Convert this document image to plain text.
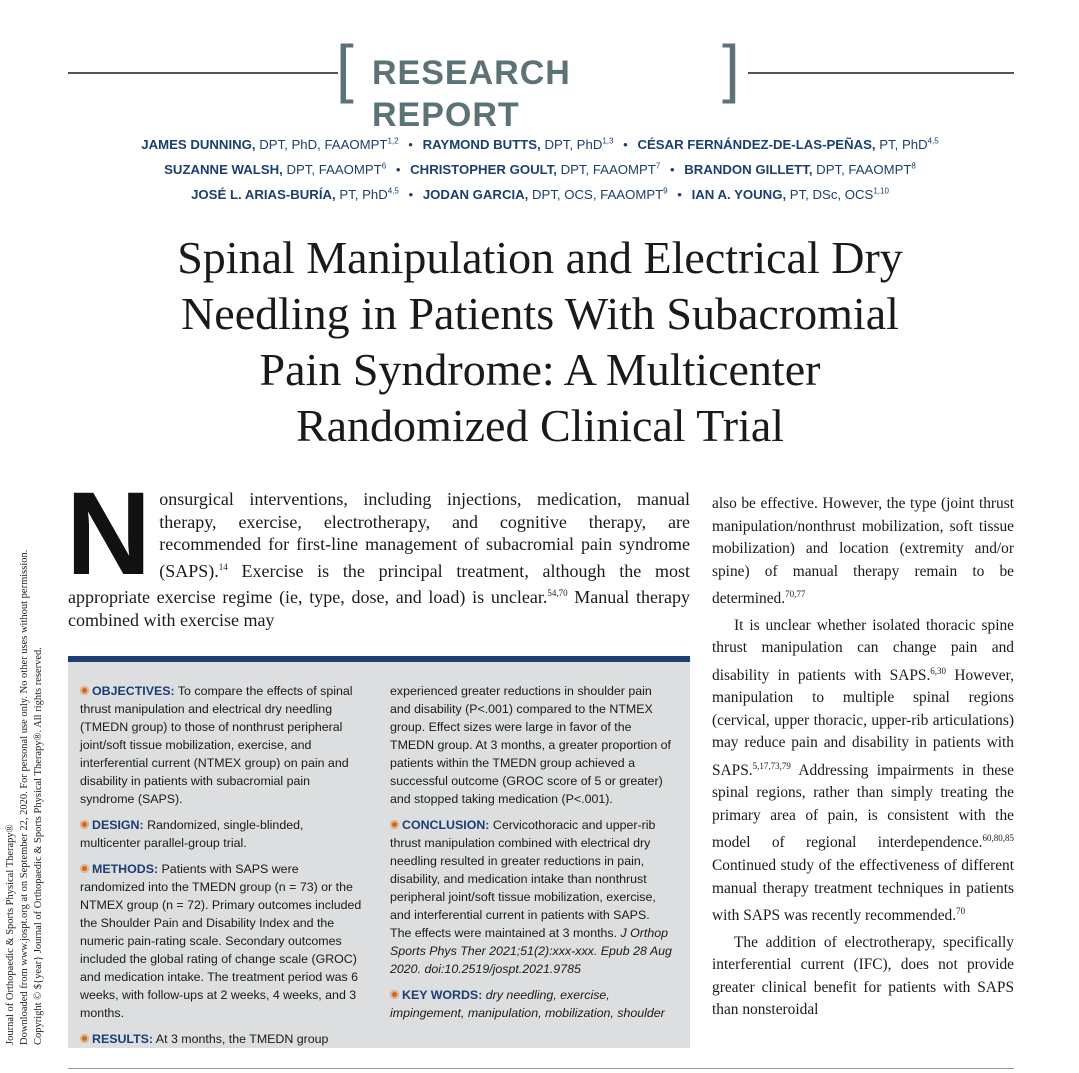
Journal of Orthopaedic & Sports Physical Therapy® Downloaded from www.jospt.org at on September 22, 2020. For personal use only. No other uses without permission. Copyright © ${year} Journal of Orthopaedic & Sports Physical Therapy®. All rights reserved.
[ RESEARCH REPORT
]
JAMES DUNNING, DPT, PhD, FAAOMPT$^{1,2}$ • RAYMOND BUTTS, DPT, PhD$^{1,3}$ • CÉSAR FERNÁNDEZ-DE-LAS-PEÑAS, PT, PhD$^{4,5}$
SUZANNE WALSH, DPT, FAAOMPT$^6$ • CHRISTOPHER GOULT, DPT, FAAOMPT$^7$ • BRANDON GILLETT, DPT, FAAOMPT$^8$
JOSÉ L. ARIAS-BURÍA, PT, PhD$^{4,5}$ • JODAN GARCIA, DPT, OCS, FAAOMPT$^9$ • IAN A. YOUNG, PT, DSc, OCS$^{1,10}$
Spinal Manipulation and Electrical Dry
Needling in Patients With Subacromial
Pain Syndrome: A Multicenter
Randomized Clinical Trial
N onsurgical interventions, including injections, medication, manual therapy, exercise, electrotherapy, and cognitive therapy, are recommended for first-line management of subacromial pain syndrome (SAPS).$^{14}$ Exercise is the principal treatment, although the most appropriate exercise regime (ie, type, dose, and load) is unclear.$^{54,70}$ Manual therapy combined with exercise may

OBJECTIVES: To compare the effects of spinal thrust manipulation and electrical dry needling (TMEDN group) to those of nonthrust peripheral joint/soft tissue mobilization, exercise, and interferential current (NTMEX group) on pain and disability in patients with subacromial pain syndrome (SAPS).
DESIGN: Randomized, single-blinded, multicenter parallel-group trial.
METHODS: Patients with SAPS were randomized into the TMEDN group (n = 73) or the NTMEX group (n = 72). Primary outcomes included the Shoulder Pain and Disability Index and the numeric pain-rating scale. Secondary outcomes included the global rating of change scale (GROC) and medication intake. The treatment period was 6 weeks, with follow-ups at 2 weeks, 4 weeks, and 3 months.
RESULTS: At 3 months, the TMEDN group
experienced greater reductions in shoulder pain and disability (P<.001) compared to the NTMEX group. Effect sizes were large in favor of the TMEDN group. At 3 months, a greater proportion of patients within the TMEDN group achieved a successful outcome (GROC score of 5 or greater) and stopped taking medication (P<.001).
CONCLUSION: Cervicothoracic and upper-rib thrust manipulation combined with electrical dry needling resulted in greater reductions in pain, disability, and medication intake than nonthrust peripheral joint/soft tissue mobilization, exercise, and interferential current in patients with SAPS. The effects were maintained at 3 months. J Orthop Sports Phys Ther 2021;51(2):xxx-xxx. Epub 28 Aug 2020. doi:10.2519/jospt.2021.9785
KEY WORDS: dry needling, exercise, impingement, manipulation, mobilization, shoulder

also be effective. However, the type (joint thrust manipulation/nonthrust mobilization, soft tissue mobilization) and location (extremity and/or spine) of manual therapy remain to be determined.$^{70,77}$

It is unclear whether isolated thoracic spine thrust manipulation can change pain and disability in patients with SAPS.$^{6,30}$ However, manipulation to multiple spinal regions (cervical, upper thoracic, upper-rib articulations) may reduce pain and disability in patients with SAPS.$^{5,17,73,79}$ Addressing impairments in these spinal regions, rather than simply treating the primary area of pain, is consistent with the model of regional interdependence.$^{60,80,85}$ Continued study of the effectiveness of different manual therapy treatment techniques in patients with SAPS was recently recommended.$^{70}$

The addition of electrotherapy, specifically interferential current (IFC), does not provide greater clinical benefit for patients with SAPS than nonsteroidal
